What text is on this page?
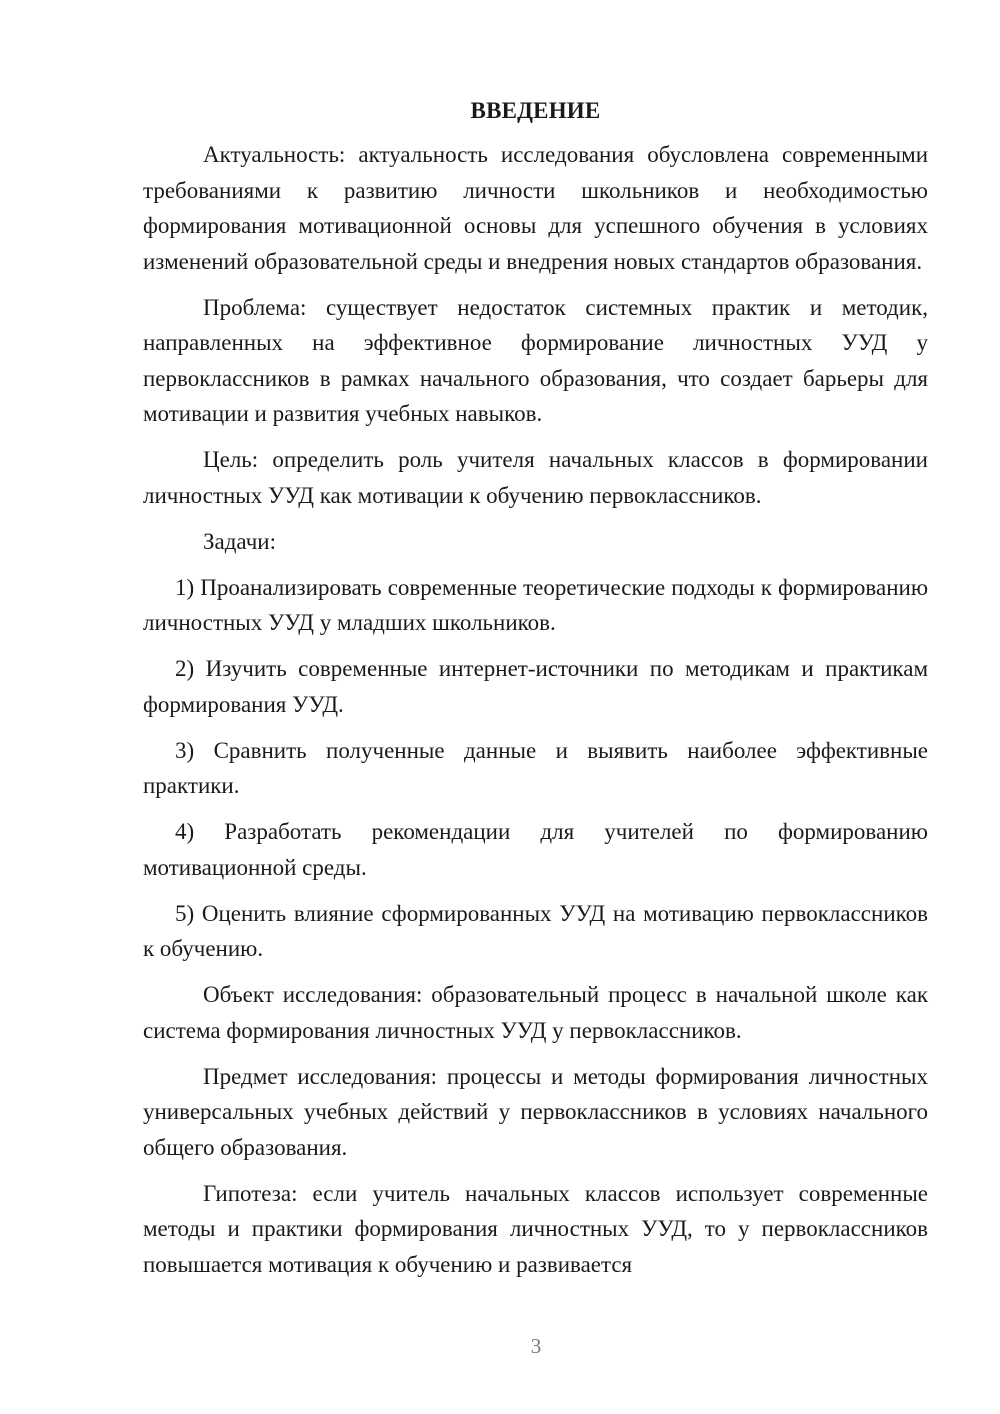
ВВЕДЕНИЕ

Актуальность: актуальность исследования обусловлена современными требованиями к развитию личности школьников и необходимостью формирования мотивационной основы для успешного обучения в условиях изменений образовательной среды и внедрения новых стандартов образования.

Проблема: существует недостаток системных практик и методик, направленных на эффективное формирование личностных УУД у первоклассников в рамках начального образования, что создает барьеры для мотивации и развития учебных навыков.

Цель: определить роль учителя начальных классов в формировании личностных УУД как мотивации к обучению первоклассников.

Задачи:

1) Проанализировать современные теоретические подходы к формированию личностных УУД у младших школьников.

2) Изучить современные интернет-источники по методикам и практикам формирования УУД.

3) Сравнить полученные данные и выявить наиболее эффективные практики.

4) Разработать рекомендации для учителей по формированию мотивационной среды.

5) Оценить влияние сформированных УУД на мотивацию первоклассников к обучению.

Объект исследования: образовательный процесс в начальной школе как система формирования личностных УУД у первоклассников.

Предмет исследования: процессы и методы формирования личностных универсальных учебных действий у первоклассников в условиях начального общего образования.

Гипотеза: если учитель начальных классов использует современные методы и практики формирования личностных УУД, то у первоклассников повышается мотивация к обучению и развивается

3
